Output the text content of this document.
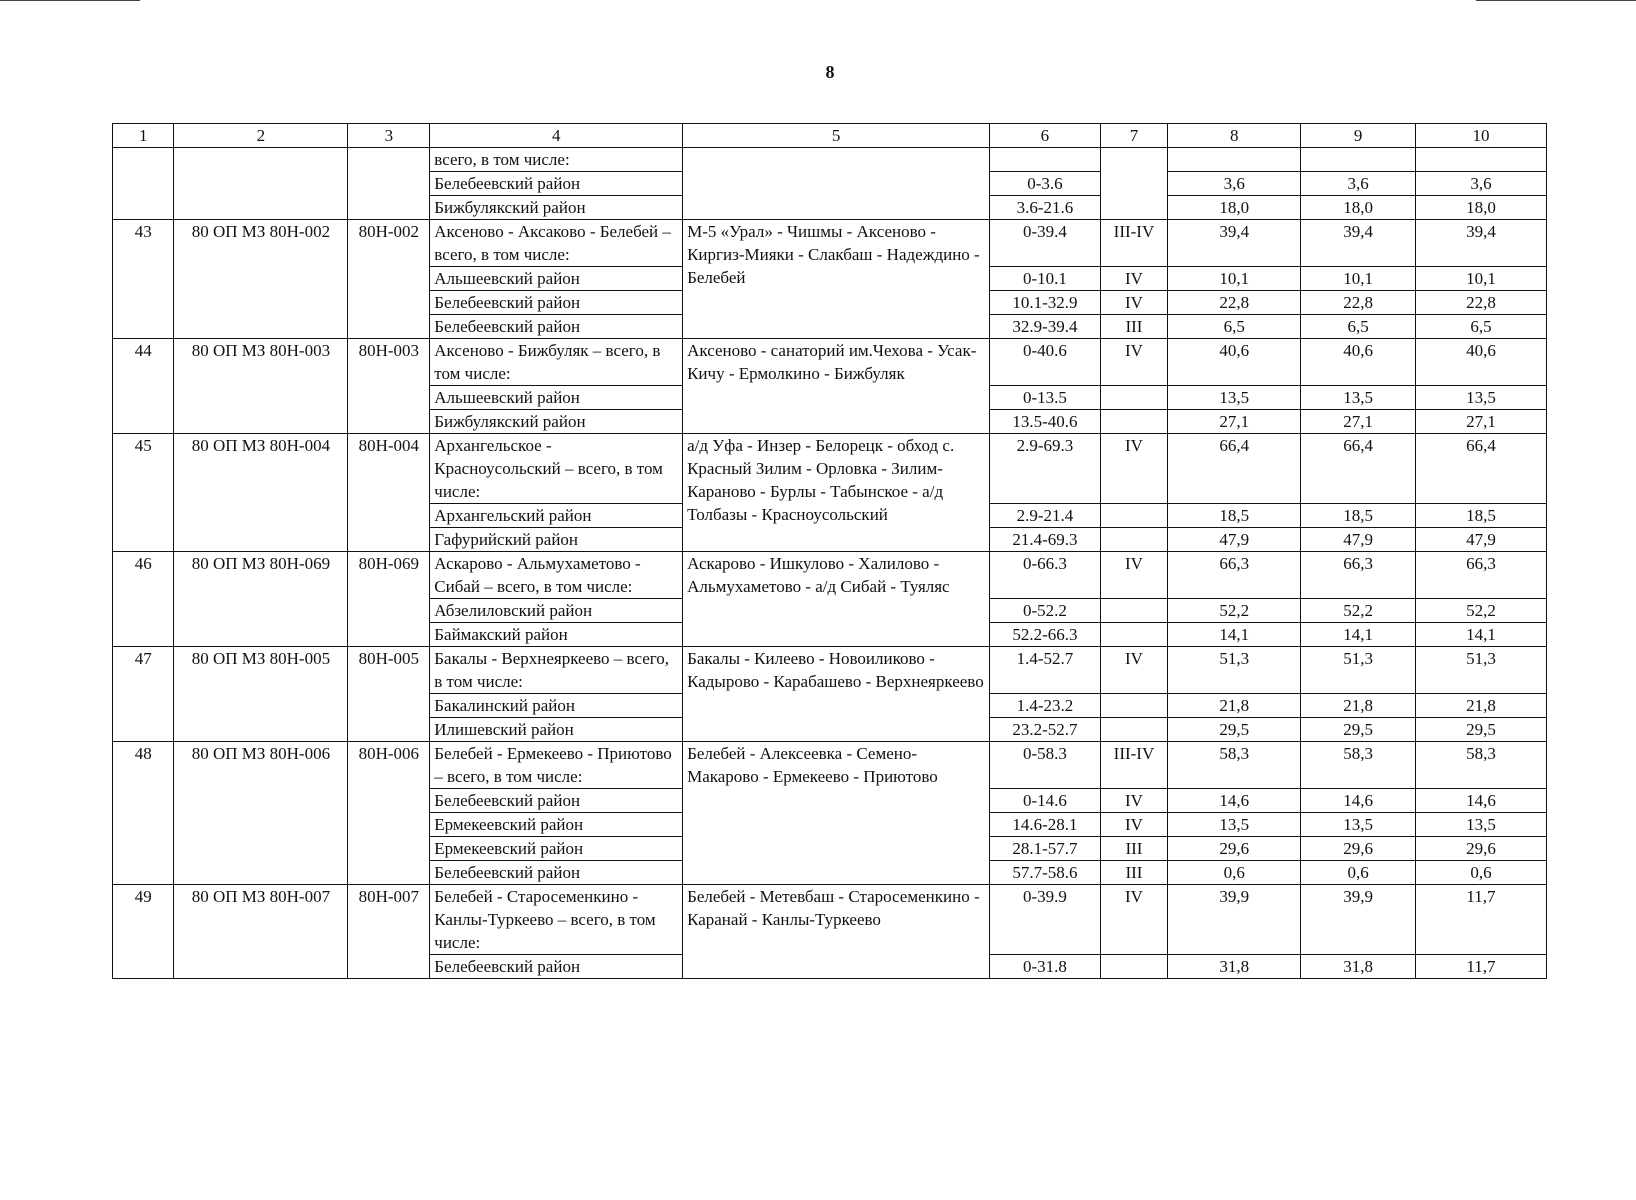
8
1	2	3	4	5	6	7	8	9	10
			всего, в том числе:						
			Белебеевский район		0-3.6		3,6	3,6	3,6
			Бижбулякский район		3.6-21.6		18,0	18,0	18,0
43	80 ОП МЗ 80Н-002	80Н-002	Аксеново - Аксаково - Белебей – всего, в том числе:	М-5 «Урал» - Чишмы - Аксеново - Киргиз-Мияки - Слакбаш - Надеждино - Белебей	0-39.4	III-IV	39,4	39,4	39,4
			Альшеевский район		0-10.1	IV	10,1	10,1	10,1
			Белебеевский район		10.1-32.9	IV	22,8	22,8	22,8
			Белебеевский район		32.9-39.4	III	6,5	6,5	6,5
44	80 ОП МЗ 80Н-003	80Н-003	Аксеново - Бижбуляк – всего, в том числе:	Аксеново - санаторий им.Чехова - Усак-Кичу - Ермолкино - Бижбуляк	0-40.6	IV	40,6	40,6	40,6
			Альшеевский район		0-13.5		13,5	13,5	13,5
			Бижбулякский район		13.5-40.6		27,1	27,1	27,1
45	80 ОП МЗ 80Н-004	80Н-004	Архангельское - Красноусольский – всего, в том числе:	а/д Уфа - Инзер - Белорецк - обход с. Красный Зилим - Орловка - Зилим-Караново - Бурлы - Табынское - а/д Толбазы - Красноусольский	2.9-69.3	IV	66,4	66,4	66,4
			Архангельский район		2.9-21.4		18,5	18,5	18,5
			Гафурийский район		21.4-69.3		47,9	47,9	47,9
46	80 ОП МЗ 80Н-069	80Н-069	Аскарово - Альмухаметово - Сибай – всего, в том числе:	Аскарово - Ишкулово - Халилово - Альмухаметово - а/д Сибай - Туяляс	0-66.3	IV	66,3	66,3	66,3
			Абзелиловский район		0-52.2		52,2	52,2	52,2
			Баймакский район		52.2-66.3		14,1	14,1	14,1
47	80 ОП МЗ 80Н-005	80Н-005	Бакалы - Верхнеяркеево – всего, в том числе:	Бакалы - Килеево - Новоиликово - Кадырово - Карабашево - Верхнеяркеево	1.4-52.7	IV	51,3	51,3	51,3
			Бакалинский район		1.4-23.2		21,8	21,8	21,8
			Илишевский район		23.2-52.7		29,5	29,5	29,5
48	80 ОП МЗ 80Н-006	80Н-006	Белебей - Ермекеево - Приютово – всего, в том числе:	Белебей - Алексеевка - Семено-Макарово - Ермекеево - Приютово	0-58.3	III-IV	58,3	58,3	58,3
			Белебеевский район		0-14.6	IV	14,6	14,6	14,6
			Ермекеевский район		14.6-28.1	IV	13,5	13,5	13,5
			Ермекеевский район		28.1-57.7	III	29,6	29,6	29,6
			Белебеевский район		57.7-58.6	III	0,6	0,6	0,6
49	80 ОП МЗ 80Н-007	80Н-007	Белебей - Старосеменкино - Канлы-Туркеево – всего, в том числе:	Белебей - Метевбаш - Старосеменкино - Каранай - Канлы-Туркеево	0-39.9	IV	39,9	39,9	11,7
			Белебеевский район		0-31.8		31,8	31,8	11,7
